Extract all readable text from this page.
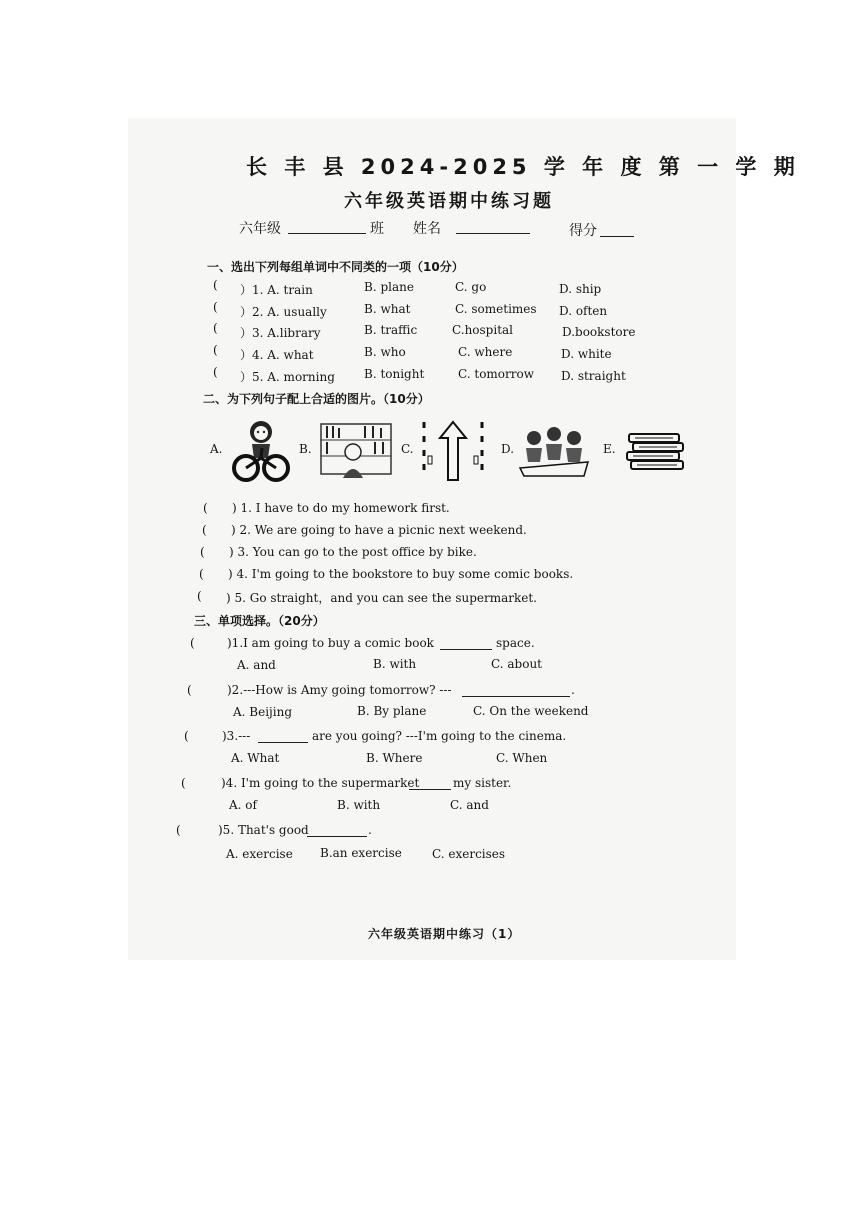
长 丰 县 2024-2025 学 年 度 第 一 学 期
六年级英语期中练习题
六年级	班 姓名	得分
一、选出下列每组单词中不同类的一项（10分）
( ）1. A. train	B. plane	C. go	D. ship
( ）2. A. usually	B. what	C. sometimes D. often
( ）3. A.library	B. traffic	C.hospital	D.bookstore
( ）4. A. what	B. who	C. where	D. white
( ）5. A. morning B. tonight	C. tomorrow D. straight
二、为下列句子配上合适的图片。（10分）
A.	B.	C.	D.	E.
( ) 1. I have to do my homework first.
( ) 2. We are going to have a picnic next weekend.
( ) 3. You can go to the post office by bike.
( ) 4. I'm going to the bookstore to buy some comic books.
( ) 5. Go straight，and you can see the supermarket.
三、单项选择。（20分）
(	)1.I am going to buy a comic book	space.
A. and	B. with	C. about
(	)2.---How is Amy going tomorrow? ---	.
A. Beijing	B. By plane	C. On the weekend
(	)3.---	are you going? ---I'm going to the cinema.
A. What	B. Where	C. When
(	)4. I'm going to the supermarket	my sister.
A. of	B. with	C. and
(	)5. That's good	.
A. exercise B.an exercise	C. exercises
六年级英语期中练习（1）
